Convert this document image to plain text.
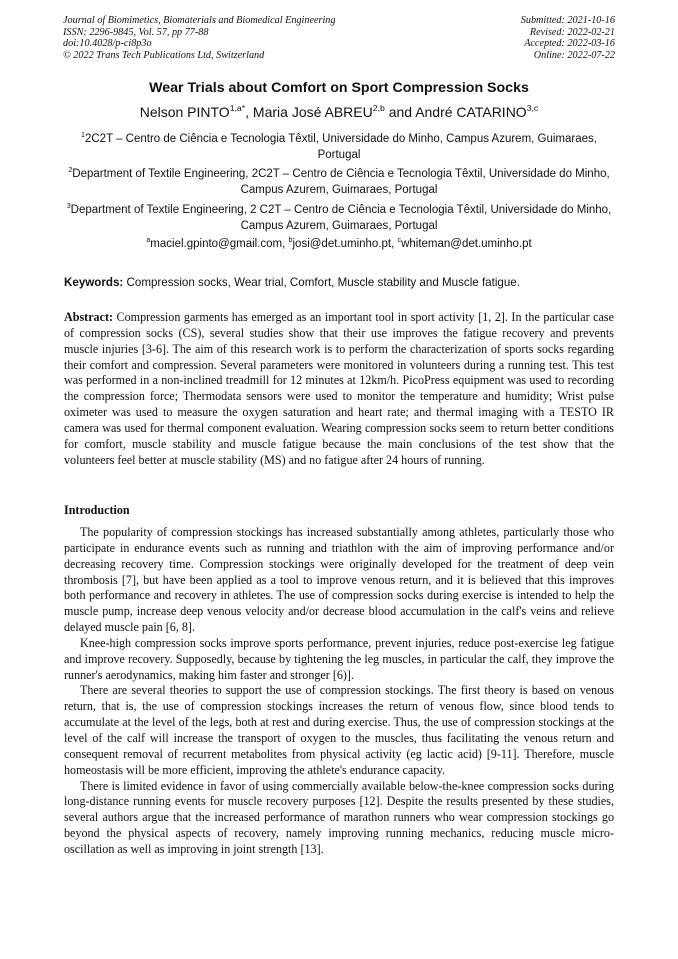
Journal of Biomimetics, Biomaterials and Biomedical Engineering
ISSN: 2296-9845, Vol. 57, pp 77-88
doi:10.4028/p-ci8p3o
© 2022 Trans Tech Publications Ltd, Switzerland
Submitted: 2021-10-16
Revised: 2022-02-21
Accepted: 2022-03-16
Online: 2022-07-22
Wear Trials about Comfort on Sport Compression Socks
Nelson $PINTO^{1,a*}$, Maria José ABREU$^{2,b}$ and André CATARINO$^{3,c}$
$^1$2C2T – Centro de Ciência e Tecnologia Têxtil, Universidade do Minho, Campus Azurem, Guimaraes, Portugal
$^2$Department of Textile Engineering, 2C2T – Centro de Ciência e Tecnologia Têxtil, Universidade do Minho, Campus Azurem, Guimaraes, Portugal
$^3$Department of Textile Engineering, 2 C2T – Centro de Ciência e Tecnologia Têxtil, Universidade do Minho, Campus Azurem, Guimaraes, Portugal
$^a$maciel.gpinto@gmail.com, $^b$josi@det.uminho.pt, $^c$whiteman@det.uminho.pt
Keywords: Compression socks, Wear trial, Comfort, Muscle stability and Muscle fatigue.
Abstract: Compression garments has emerged as an important tool in sport activity [1, 2]. In the particular case of compression socks (CS), several studies show that their use improves the fatigue recovery and prevents muscle injuries [3-6]. The aim of this research work is to perform the characterization of sports socks regarding their comfort and compression. Several parameters were monitored in volunteers during a running test. This test was performed in a non-inclined treadmill for 12 minutes at 12km/h. PicoPress equipment was used to recording the compression force; Thermodata sensors were used to monitor the temperature and humidity; Wrist pulse oximeter was used to measure the oxygen saturation and heart rate; and thermal imaging with a TESTO IR camera was used for thermal component evaluation. Wearing compression socks seem to return better conditions for comfort, muscle stability and muscle fatigue because the main conclusions of the test show that the volunteers feel better at muscle stability (MS) and no fatigue after 24 hours of running.
Introduction

The popularity of compression stockings has increased substantially among athletes, particularly those who participate in endurance events such as running and triathlon with the aim of improving performance and/or decreasing recovery time. Compression stockings were originally developed for the treatment of deep vein thrombosis [7], but have been applied as a tool to improve venous return, and it is believed that this improves both performance and recovery in athletes. The use of compression socks during exercise is intended to help the muscle pump, increase deep venous velocity and/or decrease blood accumulation in the calf's veins and relieve delayed muscle pain [6, 8].

Knee-high compression socks improve sports performance, prevent injuries, reduce post-exercise leg fatigue and improve recovery. Supposedly, because by tightening the leg muscles, in particular the calf, they improve the runner's aerodynamics, making him faster and stronger [6)].

There are several theories to support the use of compression stockings. The first theory is based on venous return, that is, the use of compression stockings increases the return of venous flow, since blood tends to accumulate at the level of the legs, both at rest and during exercise. Thus, the use of compression stockings at the level of the calf will increase the transport of oxygen to the muscles, thus facilitating the venous return and consequent removal of recurrent metabolites from physical activity (eg lactic acid) [9-11]. Therefore, muscle homeostasis will be more efficient, improving the athlete's endurance capacity.

There is limited evidence in favor of using commercially available below-the-knee compression socks during long-distance running events for muscle recovery purposes [12]. Despite the results presented by these studies, several authors argue that the increased performance of marathon runners who wear compression stockings go beyond the physical aspects of recovery, namely improving running mechanics, reducing muscle micro-oscillation as well as improving in joint strength [13].
